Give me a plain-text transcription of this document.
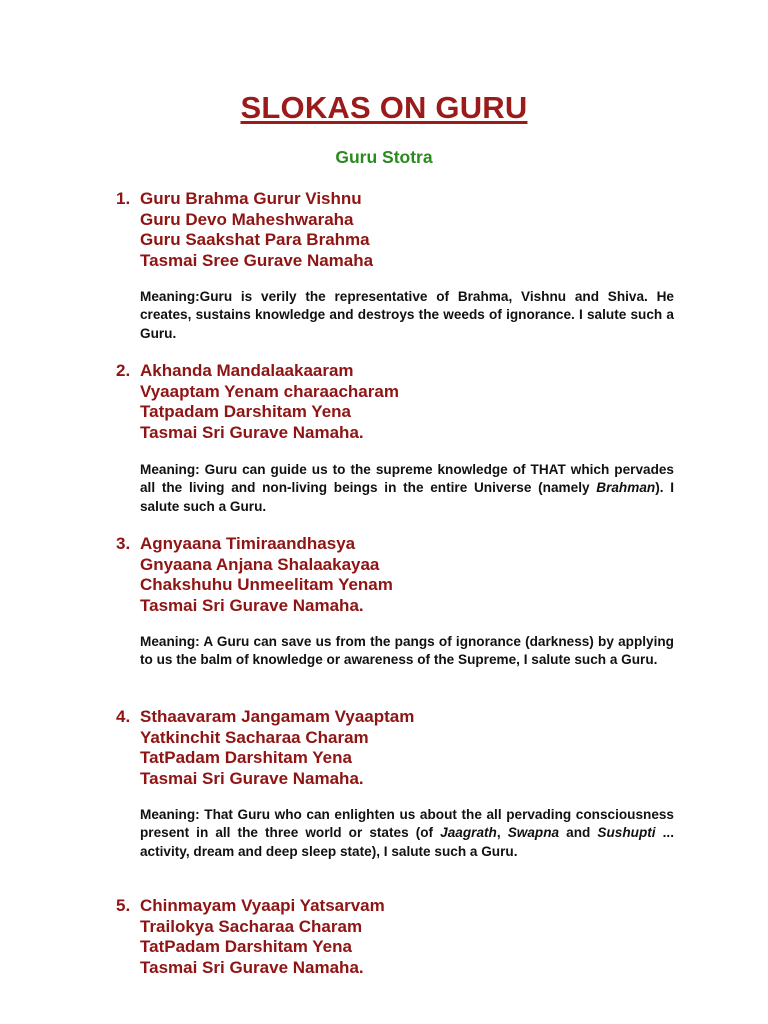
SLOKAS ON GURU
Guru Stotra
1. Guru Brahma Gurur Vishnu
Guru Devo Maheshwaraha
Guru Saakshat Para Brahma
Tasmai Sree Gurave Namaha
Meaning:Guru is verily the representative of Brahma, Vishnu and Shiva. He creates, sustains knowledge and destroys the weeds of ignorance. I salute such a Guru.
2. Akhanda Mandalaakaaram
Vyaaptam Yenam charaacharam
Tatpadam Darshitam Yena
Tasmai Sri Gurave Namaha.
Meaning: Guru can guide us to the supreme knowledge of THAT which pervades all the living and non-living beings in the entire Universe (namely Brahman). I salute such a Guru.
3. Agnyaana Timiraandhasya
Gnyaana Anjana Shalaakayaa
Chakshuhu Unmeelitam Yenam
Tasmai Sri Gurave Namaha.
Meaning: A Guru can save us from the pangs of ignorance (darkness) by applying to us the balm of knowledge or awareness of the Supreme, I salute such a Guru.
4. Sthaavaram Jangamam Vyaaptam
Yatkinchit Sacharaa Charam
TatPadam Darshitam Yena
Tasmai Sri Gurave Namaha.
Meaning: That Guru who can enlighten us about the all pervading consciousness present in all the three world or states (of Jaagrath, Swapna and Sushupti ... activity, dream and deep sleep state), I salute such a Guru.
5. Chinmayam Vyaapi Yatsarvam
Trailokya Sacharaa Charam
TatPadam Darshitam Yena
Tasmai Sri Gurave Namaha.
